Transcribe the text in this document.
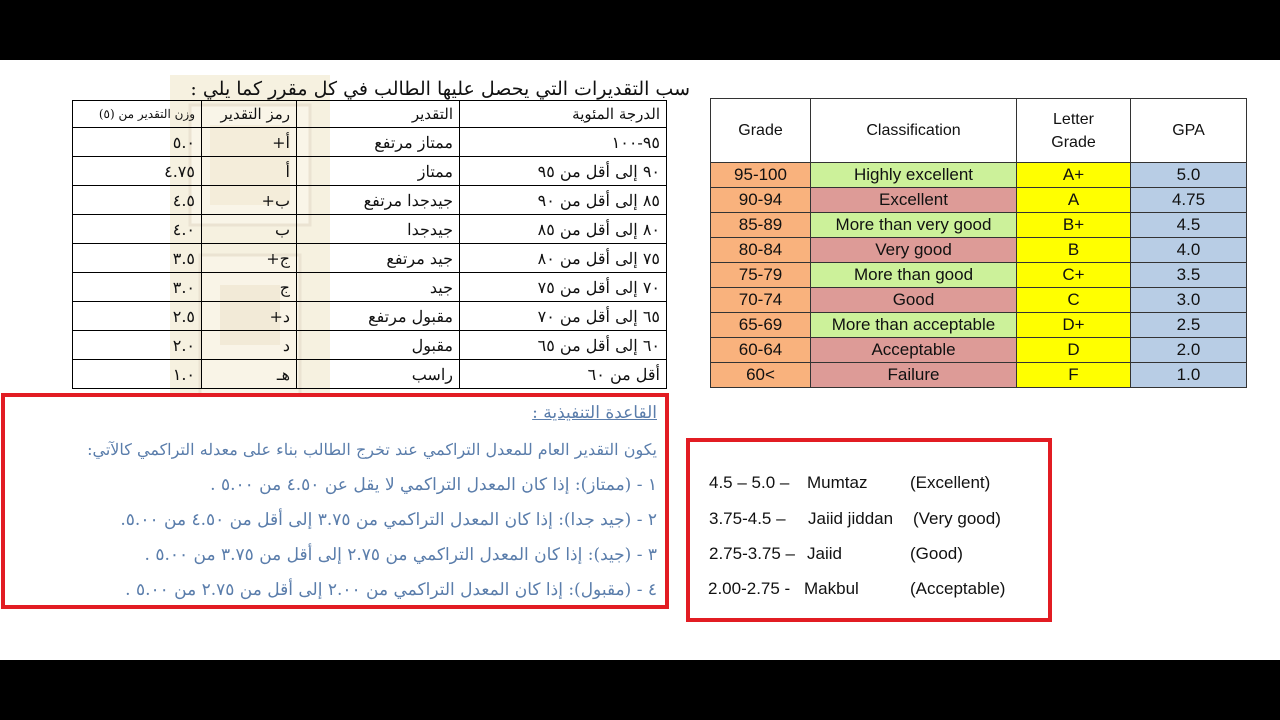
سب التقديرات التي يحصل عليها الطالب في كل مقرر كما يلي :
الدرجة المئوية	التقدير	رمز التقدير	وزن التقدير من (٥)
٩٥-١٠٠	ممتاز مرتفع	أ+	٥.٠
٩٠ إلى أقل من ٩٥	ممتاز	أ	٤.٧٥
٨٥ إلى أقل من ٩٠	جيدجدا مرتفع	ب+	٤.٥
٨٠ إلى أقل من ٨٥	جيدجدا	ب	٤.٠
٧٥ إلى أقل من ٨٠	جيد مرتفع	ج+	٣.٥
٧٠ إلى أقل من ٧٥	جيد	ج	٣.٠
٦٥ إلى أقل من ٧٠	مقبول مرتفع	د+	٢.٥
٦٠ إلى أقل من ٦٥	مقبول	د	٢.٠
أقل من ٦٠	راسب	هـ	١.٠
Grade	Classification	Letter Grade	GPA
95-100	Highly excellent	A+	5.0
90-94	Excellent	A	4.75
85-89	More than very good	B+	4.5
80-84	Very good	B	4.0
75-79	More than good	C+	3.5
70-74	Good	C	3.0
65-69	More than acceptable	D+	2.5
60-64	Acceptable	D	2.0
60<	Failure	F	1.0
القاعدة التنفيذية :
يكون التقدير العام للمعدل التراكمي عند تخرج الطالب بناء على معدله التراكمي كالآتي:
١ - (ممتاز): إذا كان المعدل التراكمي لا يقل عن ٤.٥٠ من ٥.٠٠ .
٢ - (جيد جدا): إذا كان المعدل التراكمي من ٣.٧٥ إلى أقل من ٤.٥٠ من ٥.٠٠.
٣ - (جيد): إذا كان المعدل التراكمي من ٢.٧٥ إلى أقل من ٣.٧٥ من ٥.٠٠ .
٤ - (مقبول): إذا كان المعدل التراكمي من ٢.٠٠ إلى أقل من ٢.٧٥ من ٥.٠٠ .
4.5 – 5.0 – Mumtaz	(Excellent)
3.75-4.5 – Jaiid jiddan (Very good)
2.75-3.75 – Jaiid	(Good)
2.00-2.75 - Makbul	(Acceptable)
